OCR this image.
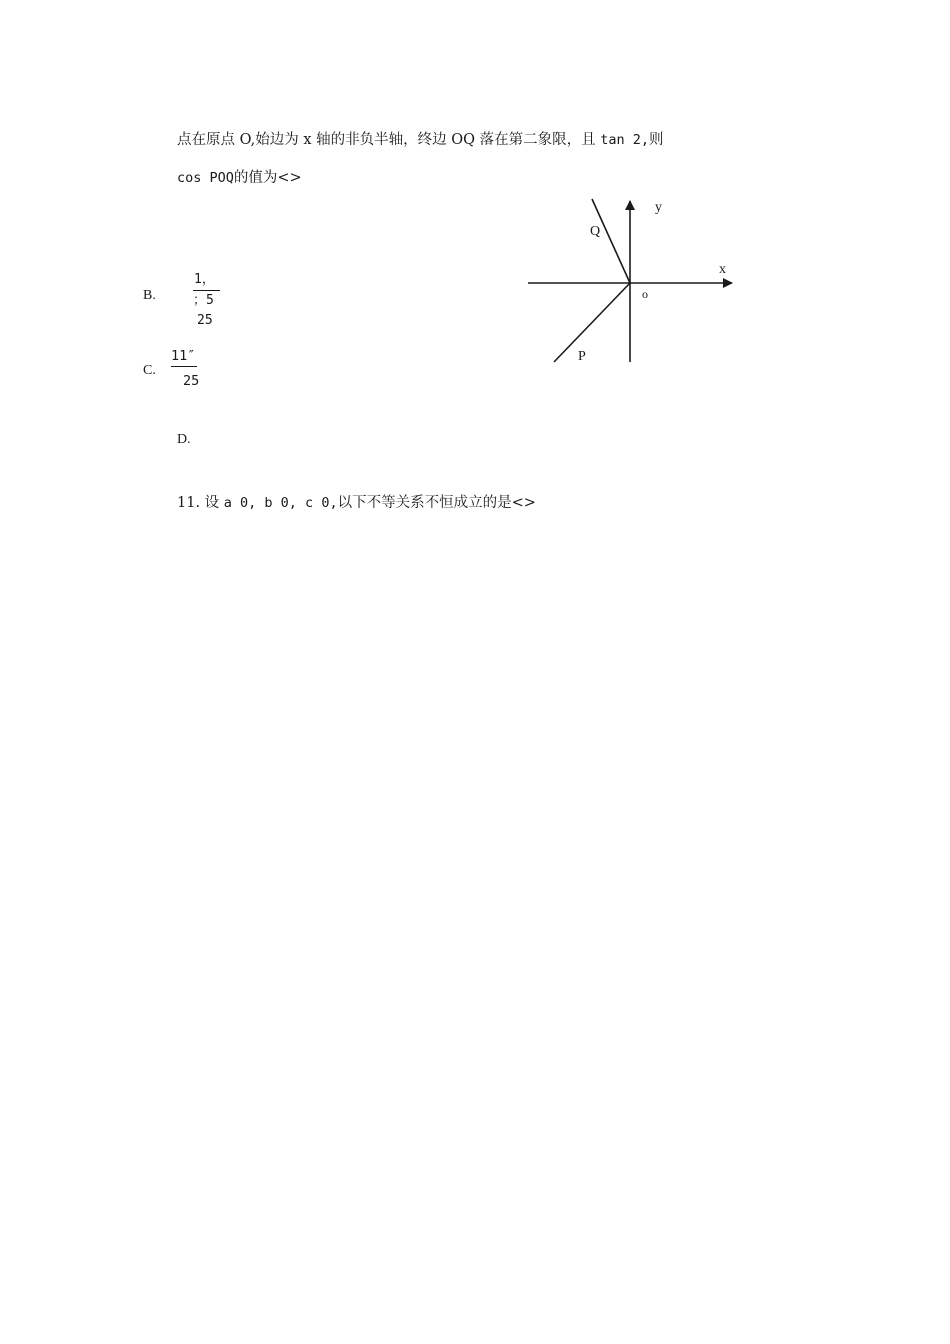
点在原点 O,始边为 x 轴的非负半轴，终边 OQ 落在第二象限，且 tan 2,则
cos POQ的值为<>
B.
1，
；5
25
C. $\frac{11''}{25}$
D.
y
x
o
Q
P
11. 设 a 0, b 0, c 0,以下不等关系不恒成立的是<>
